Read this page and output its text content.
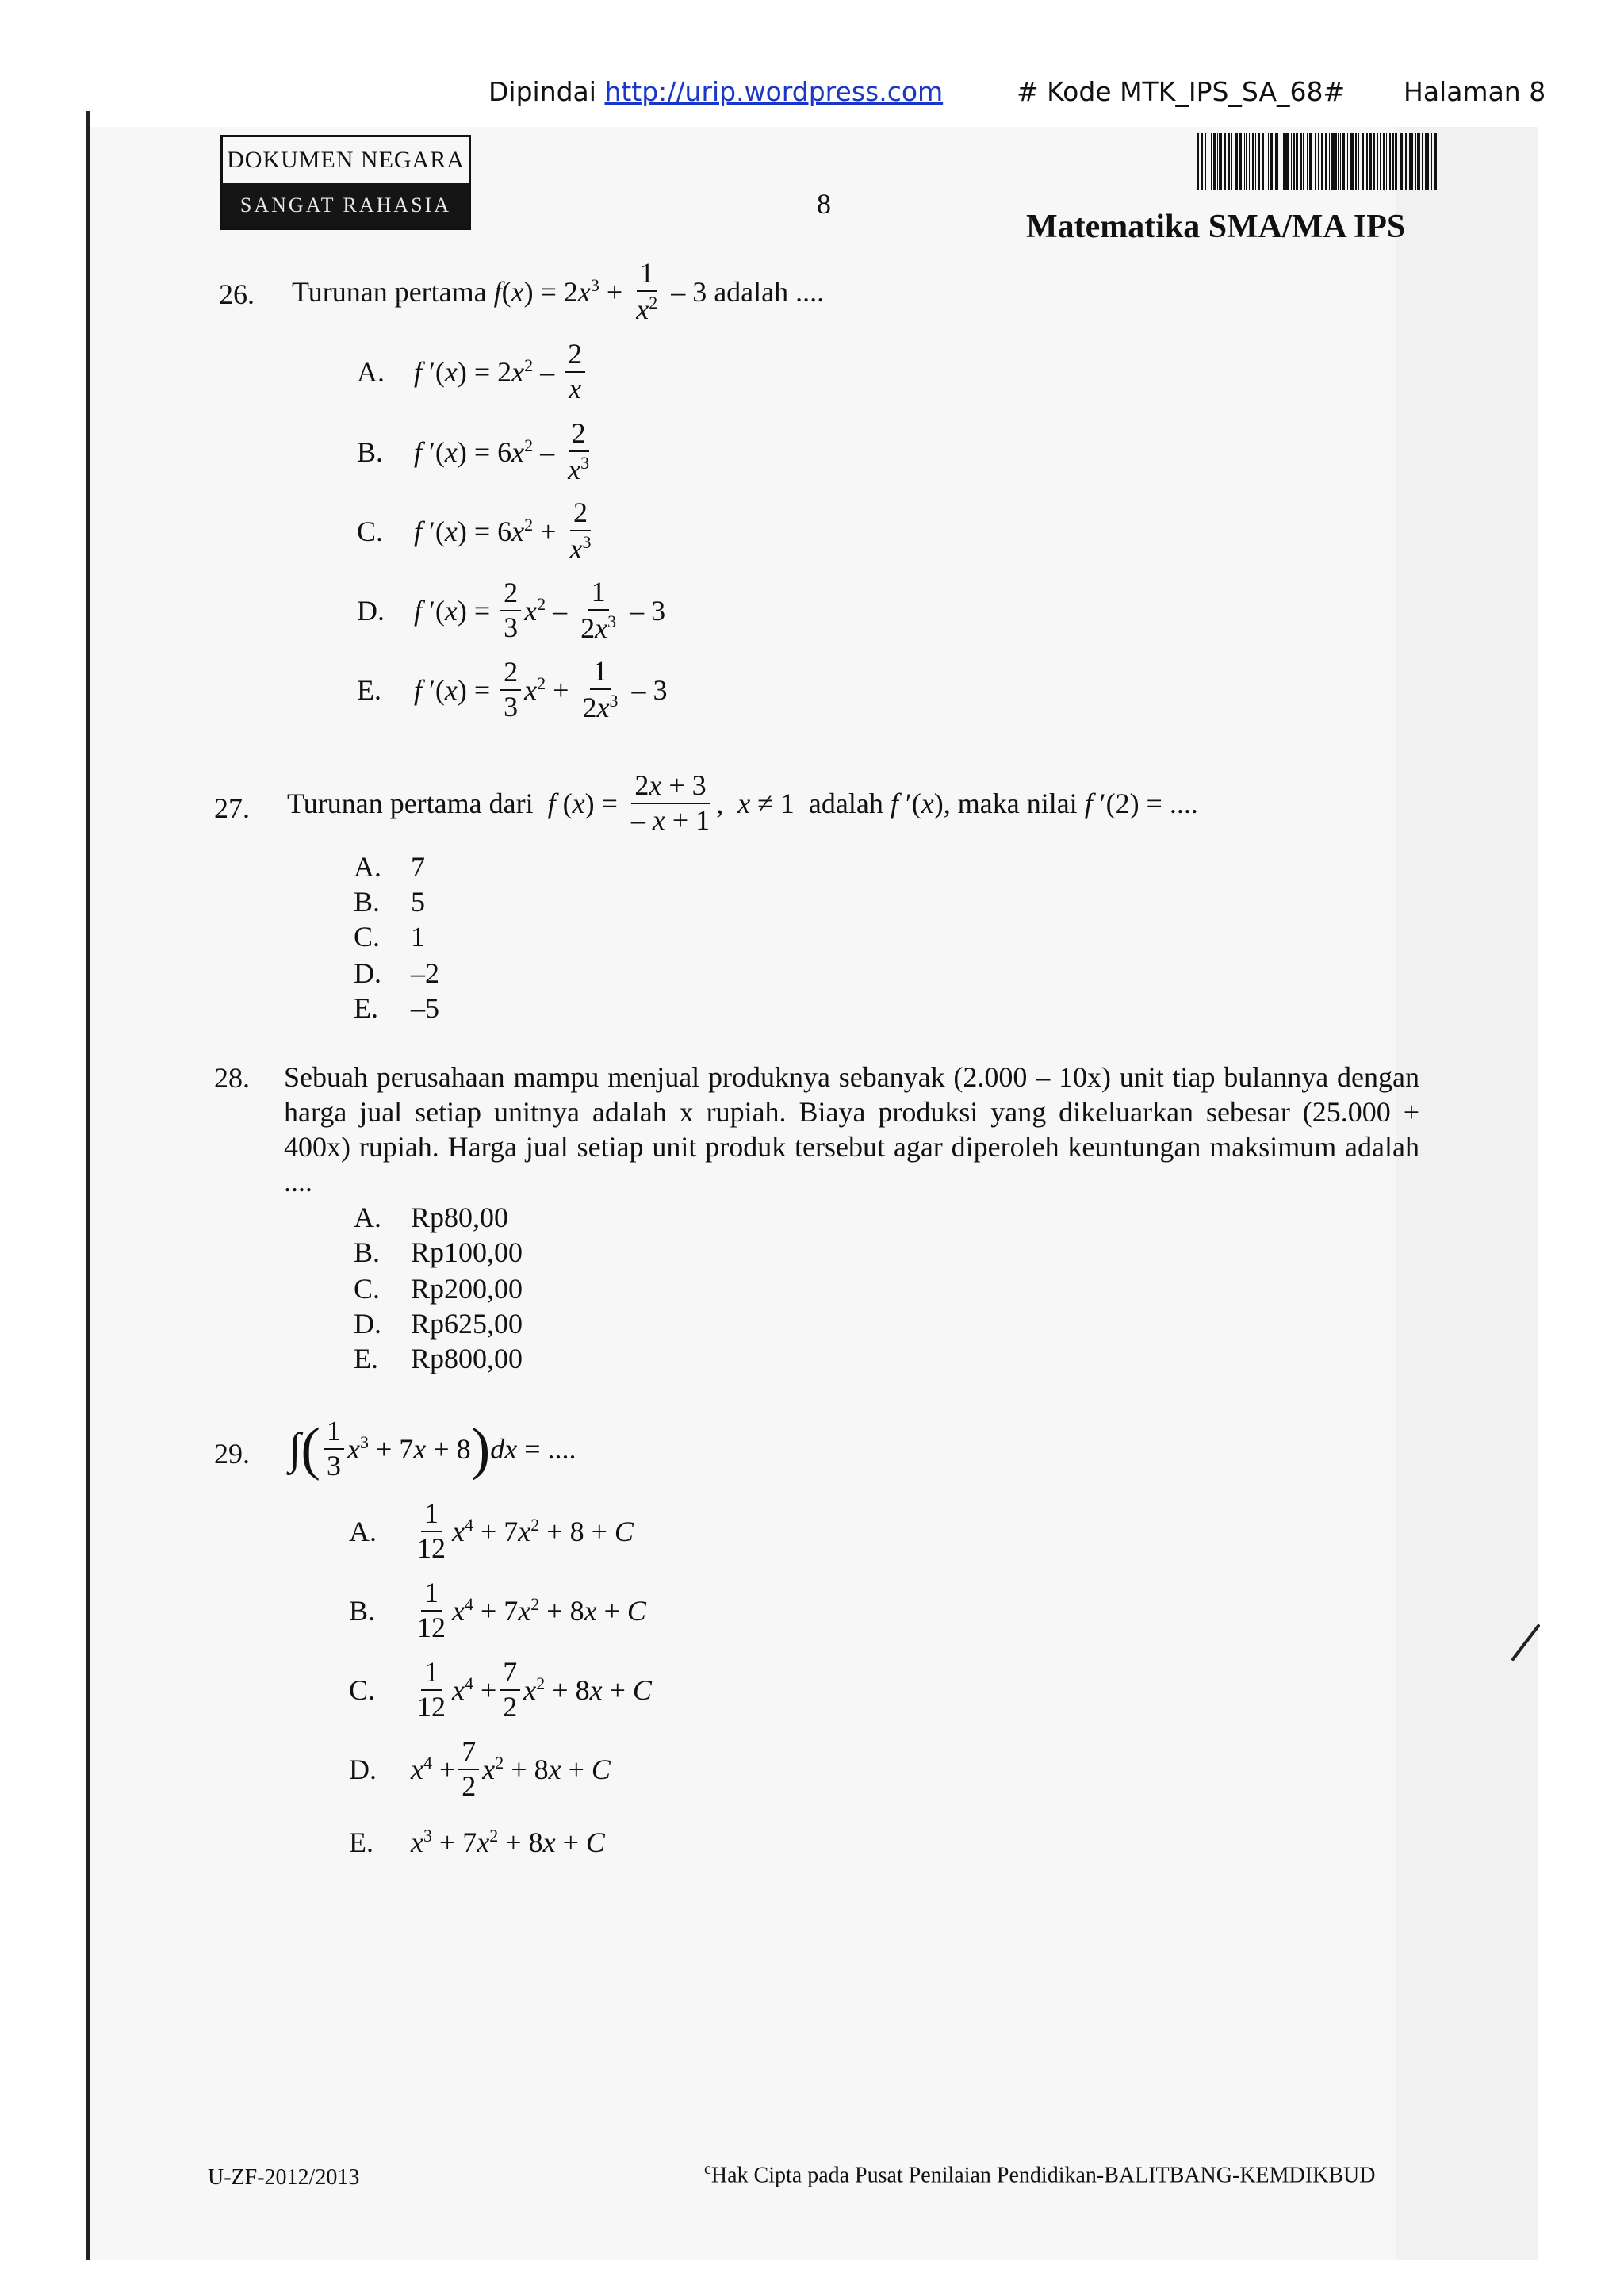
Dipindai http://urip.wordpress.com	# Kode MTK_IPS_SA_68# Halaman 8
DOKUMEN NEGARA
SANGAT RAHASIA	8
Matematika SMA/MA IPS
26. Turunan pertama $f(x) = 2x^3 + \frac{1}{x^2} - 3$ adalah ....
A. f $'(x) = 2x^2 - \frac{2}{x}$
B. f $'(x) = 6x^2 - \frac{2}{x^3}$
C. f $'(x) = 6x^2 + \frac{2}{x^3}$
D. f $'(x) = \frac{2}{3} x^2 - \frac{1}{2x^3} - 3$
E. f $'(x) = \frac{2}{3} x^2 + \frac{1}{2x^3} - 3$
27. Turunan pertama dari  f $(x) = \frac{2x + 3}{- x + 1}$ ,  x ≠ 1  adalah f ′(x), maka nilai f ′(2) = ....
A. 7
B. 5
C. 1
D. –2
E. –5
28. Sebuah perusahaan mampu menjual produknya sebanyak (2.000 – 10x) unit tiap bulannya dengan harga jual setiap unitnya adalah x rupiah. Biaya produksi yang dikeluarkan sebesar (25.000 + 400x) rupiah. Harga jual setiap unit produk tersebut agar diperoleh keuntungan maksimum adalah ....
A. Rp80,00
B. Rp100,00
C. Rp200,00
D. Rp625,00
E. Rp800,00
29. ∫( $\frac{1}{3} x^3 + 7x + 8)dx$ = ....
A. $\frac{1}{12} x^4 + 7x^2 + 8 + C$
B. $\frac{1}{12} x^4 + 7x^2 + 8x + C$
C. $\frac{1}{12} x^4 + \frac{7}{2} x^2 + 8x + C$
D. $x^4 + \frac{7}{2} x^2 + 8x + C$
E. $x^3 + 7x^2 + 8x + C$
U-ZF-2012/2013	$^c$Hak Cipta pada Pusat Penilaian Pendidikan-BALITBANG-KEMDIKBUD
